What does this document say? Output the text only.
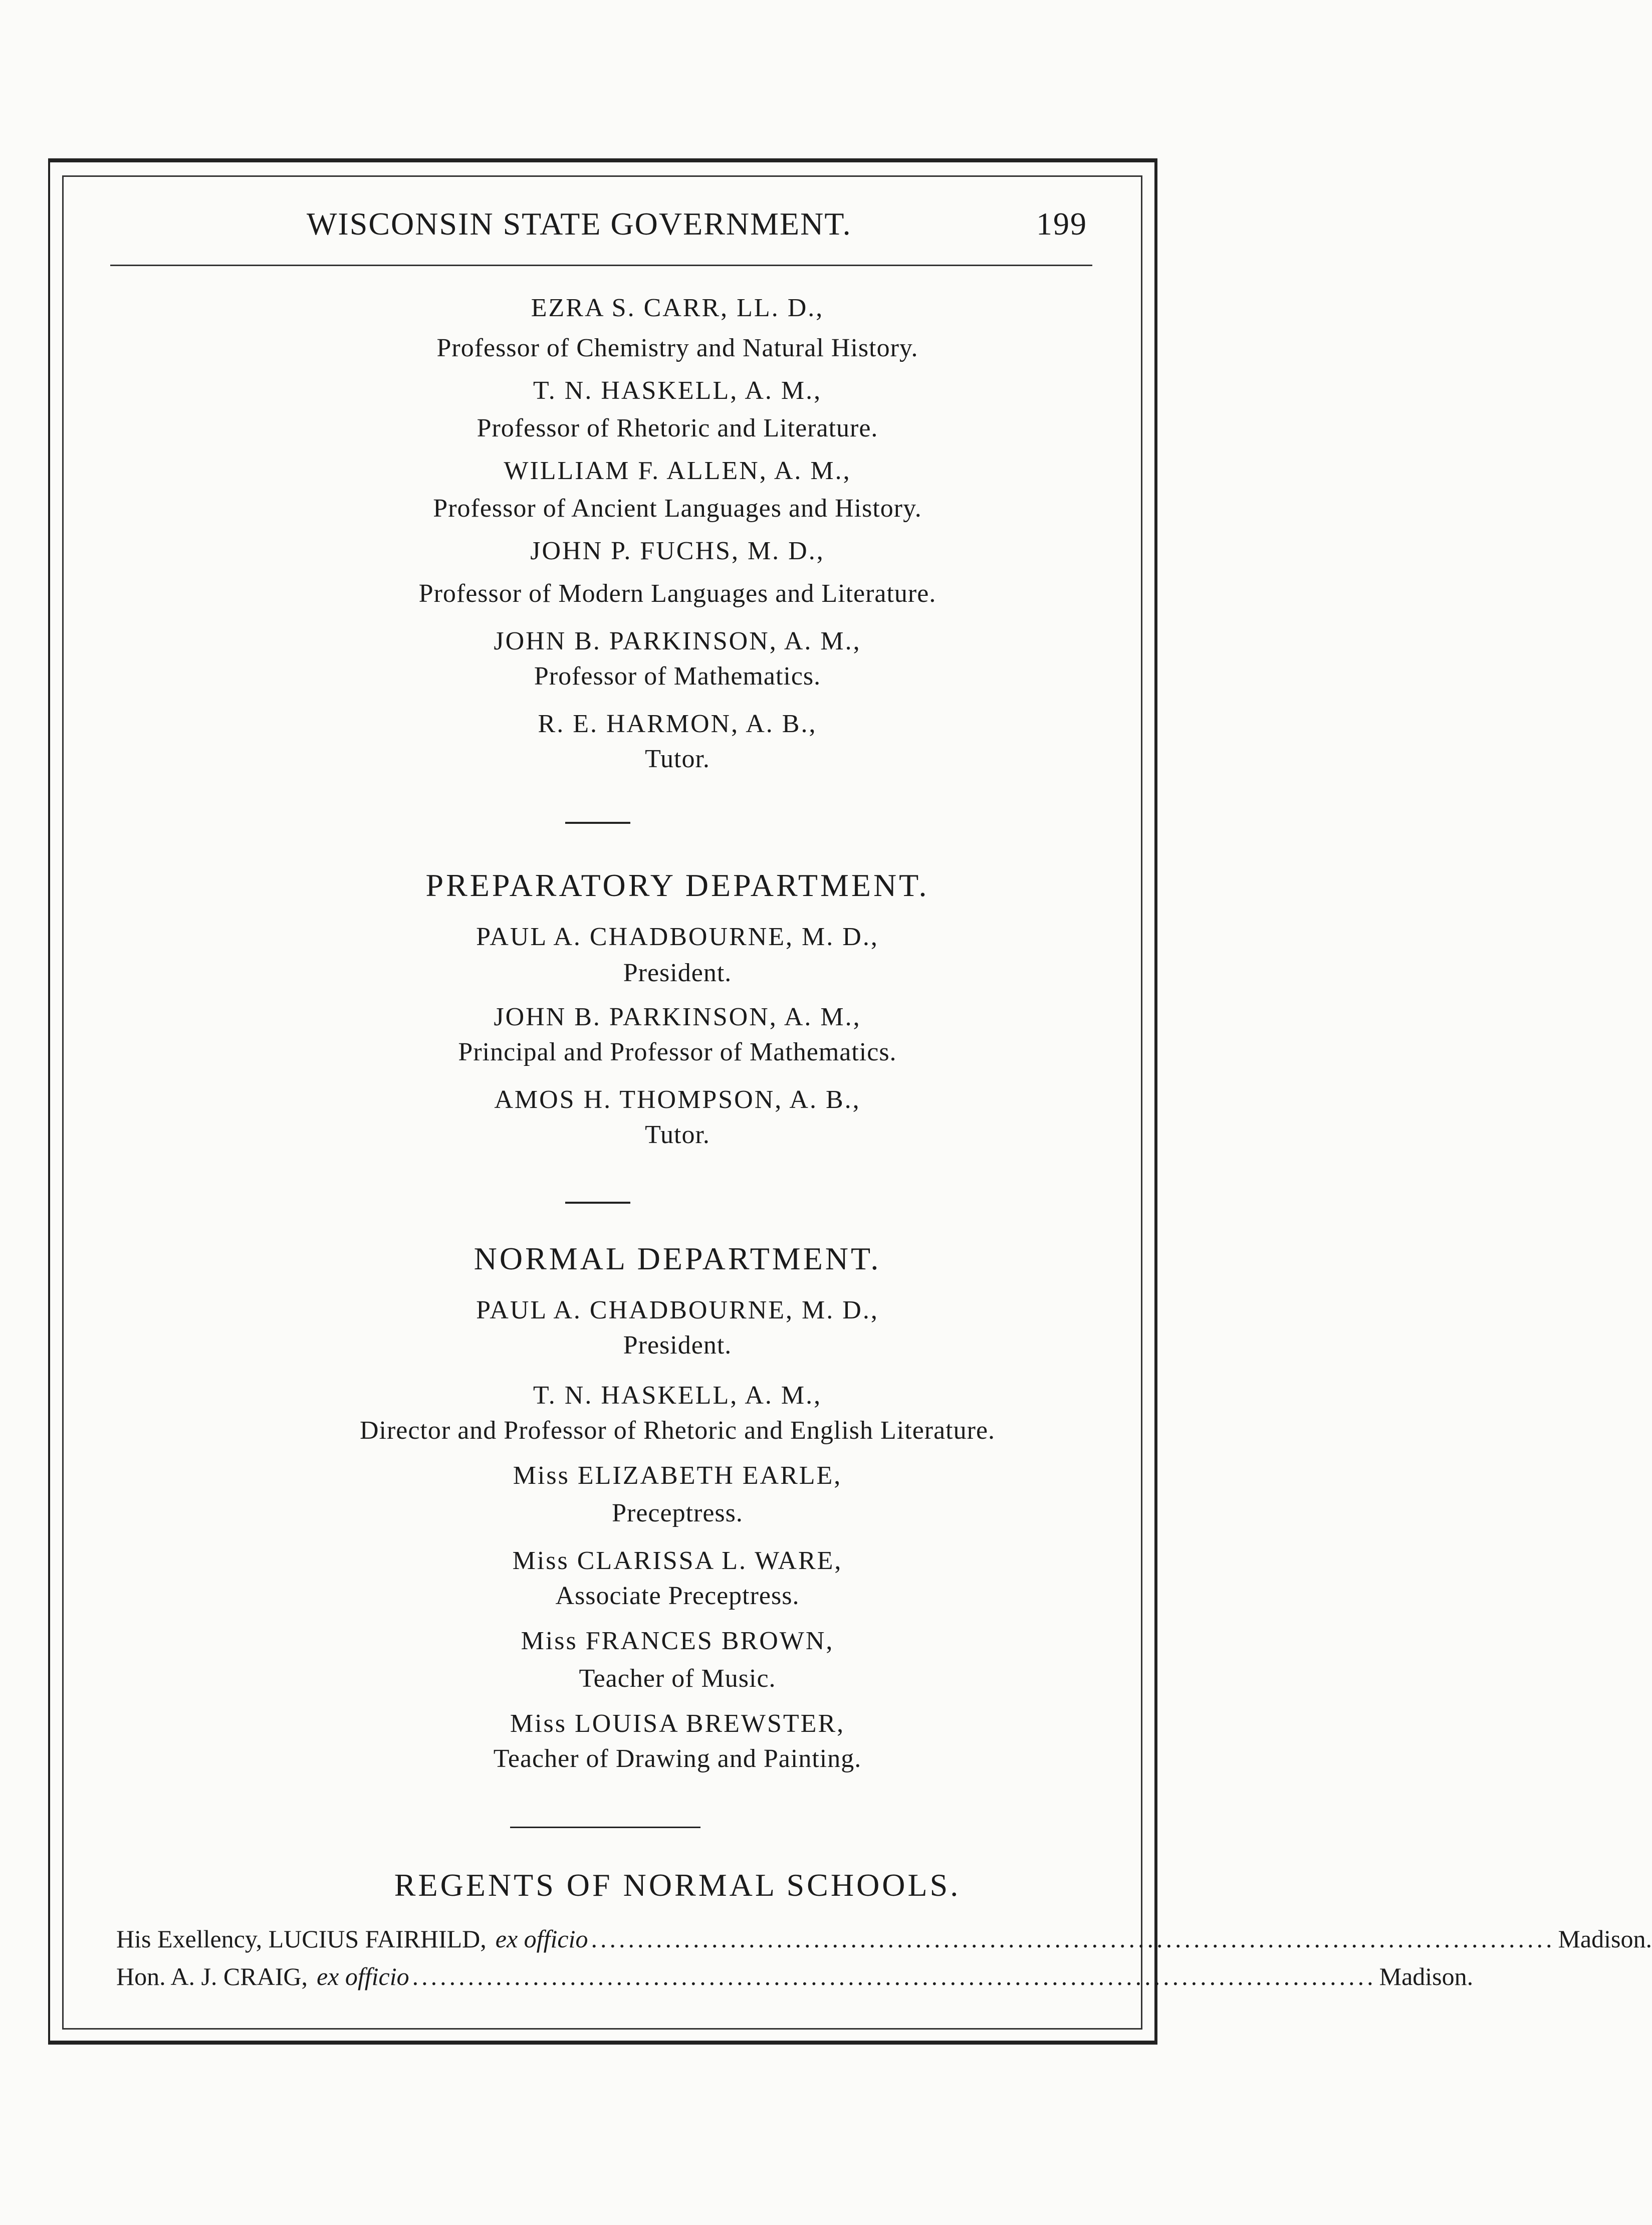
WISCONSIN STATE GOVERNMENT.	199
EZRA S. CARR, LL. D.,
Professor of Chemistry and Natural History.
T. N. HASKELL, A. M.,
Professor of Rhetoric and Literature.
WILLIAM F. ALLEN, A. M.,
Professor of Ancient Languages and History.
JOHN P. FUCHS, M. D.,
Professor of Modern Languages and Literature.
JOHN B. PARKINSON, A. M.,
Professor of Mathematics.
R. E. HARMON, A. B.,
Tutor.
PREPARATORY DEPARTMENT.
PAUL A. CHADBOURNE, M. D.,
President.
JOHN B. PARKINSON, A. M.,
Principal and Professor of Mathematics.
AMOS H. THOMPSON, A. B.,
Tutor.
NORMAL DEPARTMENT.
PAUL A. CHADBOURNE, M. D.,
President.
T. N. HASKELL, A. M.,
Director and Professor of Rhetoric and English Literature.
Miss ELIZABETH EARLE,
Preceptress.
Miss CLARISSA L. WARE,
Associate Preceptress.
Miss FRANCES BROWN,
Teacher of Music.
Miss LOUISA BREWSTER,
Teacher of Drawing and Painting.
REGENTS OF NORMAL SCHOOLS.
His Exellency, LUCIUS FAIRHILD, ex officio ........................................................................................................ Madison.
Hon. A. J. CRAIG, ex officio ........................................................................................................ Madison.
